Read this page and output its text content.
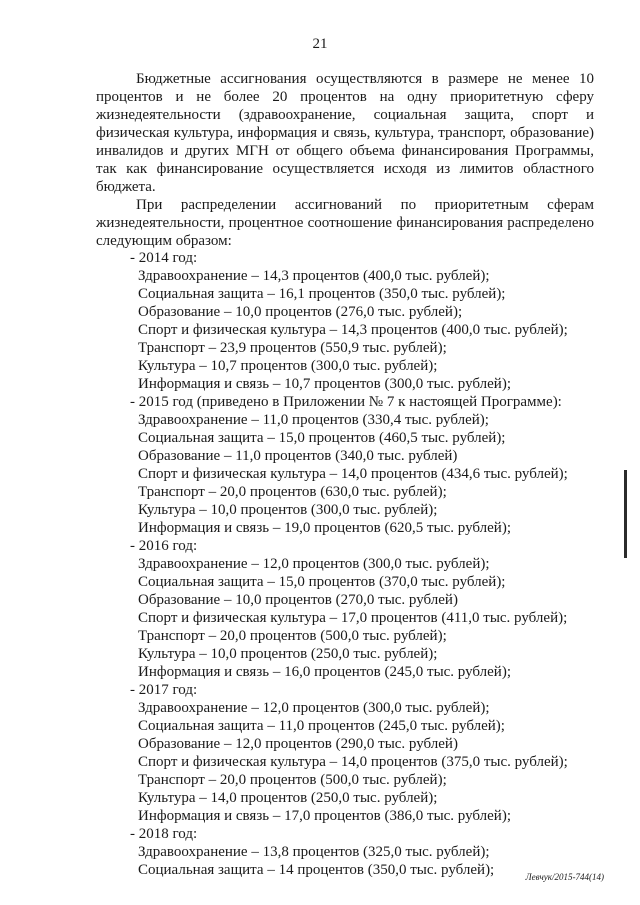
21
Бюджетные ассигнования осуществляются в размере не менее 10 процентов и не более 20 процентов на одну приоритетную сферу жизнедеятельности (здравоохранение, социальная защита, спорт и физическая культура, информация и связь, культура, транспорт, образование) инвалидов и других МГН от общего объема финансирования Программы, так как финансирование осуществляется исходя из лимитов областного бюджета.
При распределении ассигнований по приоритетным сферам жизнедеятельности, процентное соотношение финансирования распределено следующим образом:
- 2014 год:
Здравоохранение – 14,3 процентов (400,0 тыс. рублей);
Социальная защита – 16,1 процентов (350,0 тыс. рублей);
Образование – 10,0 процентов (276,0 тыс. рублей);
Спорт и физическая культура – 14,3 процентов (400,0 тыс. рублей);
Транспорт – 23,9 процентов (550,9 тыс. рублей);
Культура – 10,7 процентов (300,0 тыс. рублей);
Информация и связь – 10,7 процентов (300,0 тыс. рублей);
- 2015 год (приведено в Приложении № 7 к настоящей Программе):
Здравоохранение – 11,0 процентов (330,4 тыс. рублей);
Социальная защита – 15,0 процентов (460,5 тыс. рублей);
Образование – 11,0 процентов (340,0 тыс. рублей)
Спорт и физическая культура – 14,0 процентов (434,6 тыс. рублей);
Транспорт – 20,0 процентов (630,0 тыс. рублей);
Культура – 10,0 процентов (300,0 тыс. рублей);
Информация и связь – 19,0 процентов (620,5 тыс. рублей);
- 2016 год:
Здравоохранение – 12,0 процентов (300,0 тыс. рублей);
Социальная защита – 15,0 процентов (370,0 тыс. рублей);
Образование – 10,0 процентов (270,0 тыс. рублей)
Спорт и физическая культура – 17,0 процентов (411,0 тыс. рублей);
Транспорт – 20,0 процентов (500,0 тыс. рублей);
Культура – 10,0 процентов (250,0 тыс. рублей);
Информация и связь – 16,0 процентов (245,0 тыс. рублей);
- 2017 год:
Здравоохранение – 12,0 процентов (300,0 тыс. рублей);
Социальная защита – 11,0 процентов (245,0 тыс. рублей);
Образование – 12,0 процентов (290,0 тыс. рублей)
Спорт и физическая культура – 14,0 процентов (375,0 тыс. рублей);
Транспорт – 20,0 процентов (500,0 тыс. рублей);
Культура – 14,0 процентов (250,0 тыс. рублей);
Информация и связь – 17,0 процентов (386,0 тыс. рублей);
- 2018 год:
Здравоохранение – 13,8 процентов (325,0 тыс. рублей);
Социальная защита – 14 процентов (350,0 тыс. рублей);	Левчук/2015-744(14)
